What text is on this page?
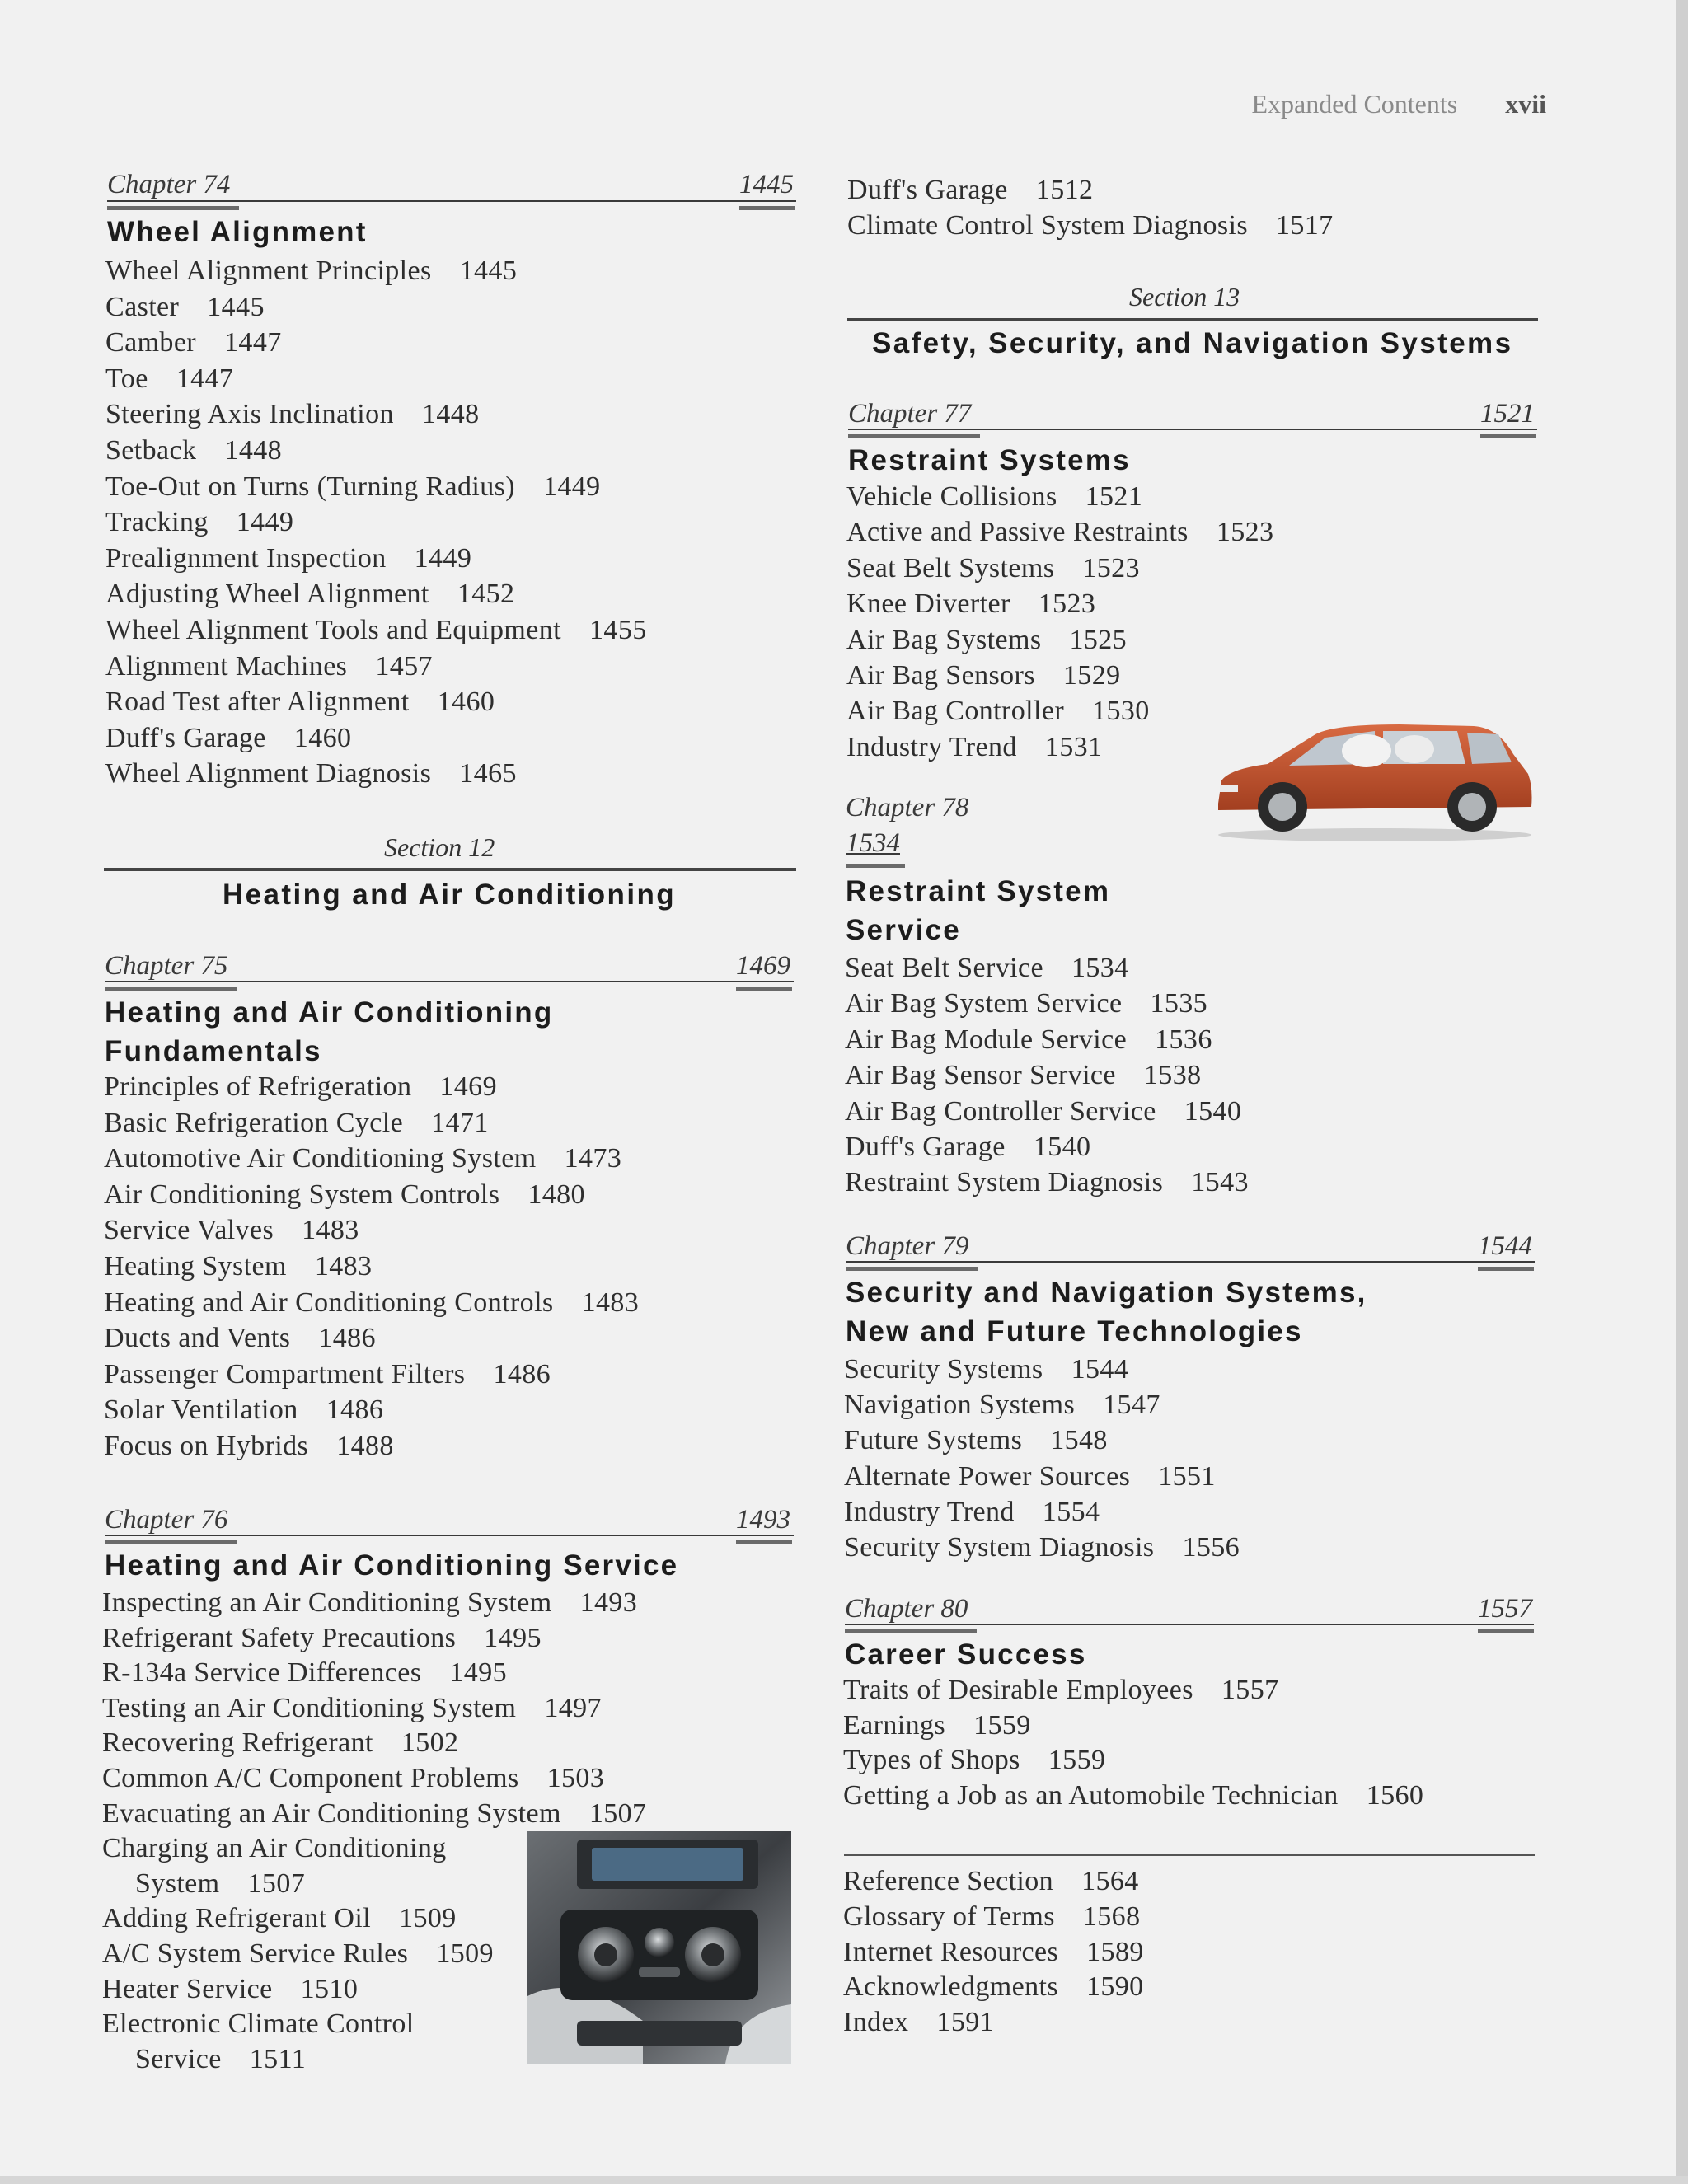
Expanded Contents xvii
Chapter 74	1445
Wheel Alignment
Wheel Alignment Principles 1445
Caster 1445
Camber 1447
Toe 1447
Steering Axis Inclination 1448
Setback 1448
Toe-Out on Turns (Turning Radius) 1449
Tracking 1449
Prealignment Inspection 1449
Adjusting Wheel Alignment 1452
Wheel Alignment Tools and Equipment 1455
Alignment Machines 1457
Road Test after Alignment 1460
Duff's Garage 1460
Wheel Alignment Diagnosis 1465
Section 12
Heating and Air Conditioning
Chapter 75	1469
Heating and Air Conditioning
Fundamentals
Principles of Refrigeration 1469
Basic Refrigeration Cycle 1471
Automotive Air Conditioning System 1473
Air Conditioning System Controls 1480
Service Valves 1483
Heating System 1483
Heating and Air Conditioning Controls 1483
Ducts and Vents 1486
Passenger Compartment Filters 1486
Solar Ventilation 1486
Focus on Hybrids 1488
Chapter 76	1493
Heating and Air Conditioning Service
Inspecting an Air Conditioning System 1493
Refrigerant Safety Precautions 1495
R-134a Service Differences 1495
Testing an Air Conditioning System 1497
Recovering Refrigerant 1502
Common A/C Component Problems 1503
Evacuating an Air Conditioning System 1507
Charging an Air Conditioning
System 1507
Adding Refrigerant Oil 1509
A/C System Service Rules 1509
Heater Service 1510
Electronic Climate Control
Service 1511
Duff's Garage 1512
Climate Control System Diagnosis 1517
Section 13
Safety, Security, and Navigation Systems
Chapter 77	1521
Restraint Systems
Vehicle Collisions 1521
Active and Passive Restraints 1523
Seat Belt Systems 1523
Knee Diverter 1523
Air Bag Systems 1525
Air Bag Sensors 1529
Air Bag Controller 1530
Industry Trend 1531
Chapter 78
1534
Restraint System
Service
Seat Belt Service 1534
Air Bag System Service 1535
Air Bag Module Service 1536
Air Bag Sensor Service 1538
Air Bag Controller Service 1540
Duff's Garage 1540
Restraint System Diagnosis 1543
Chapter 79	1544
Security and Navigation Systems,
New and Future Technologies
Security Systems 1544
Navigation Systems 1547
Future Systems 1548
Alternate Power Sources 1551
Industry Trend 1554
Security System Diagnosis 1556
Chapter 80	1557
Career Success
Traits of Desirable Employees 1557
Earnings 1559
Types of Shops 1559
Getting a Job as an Automobile Technician 1560
Reference Section 1564
Glossary of Terms 1568
Internet Resources 1589
Acknowledgments 1590
Index 1591
